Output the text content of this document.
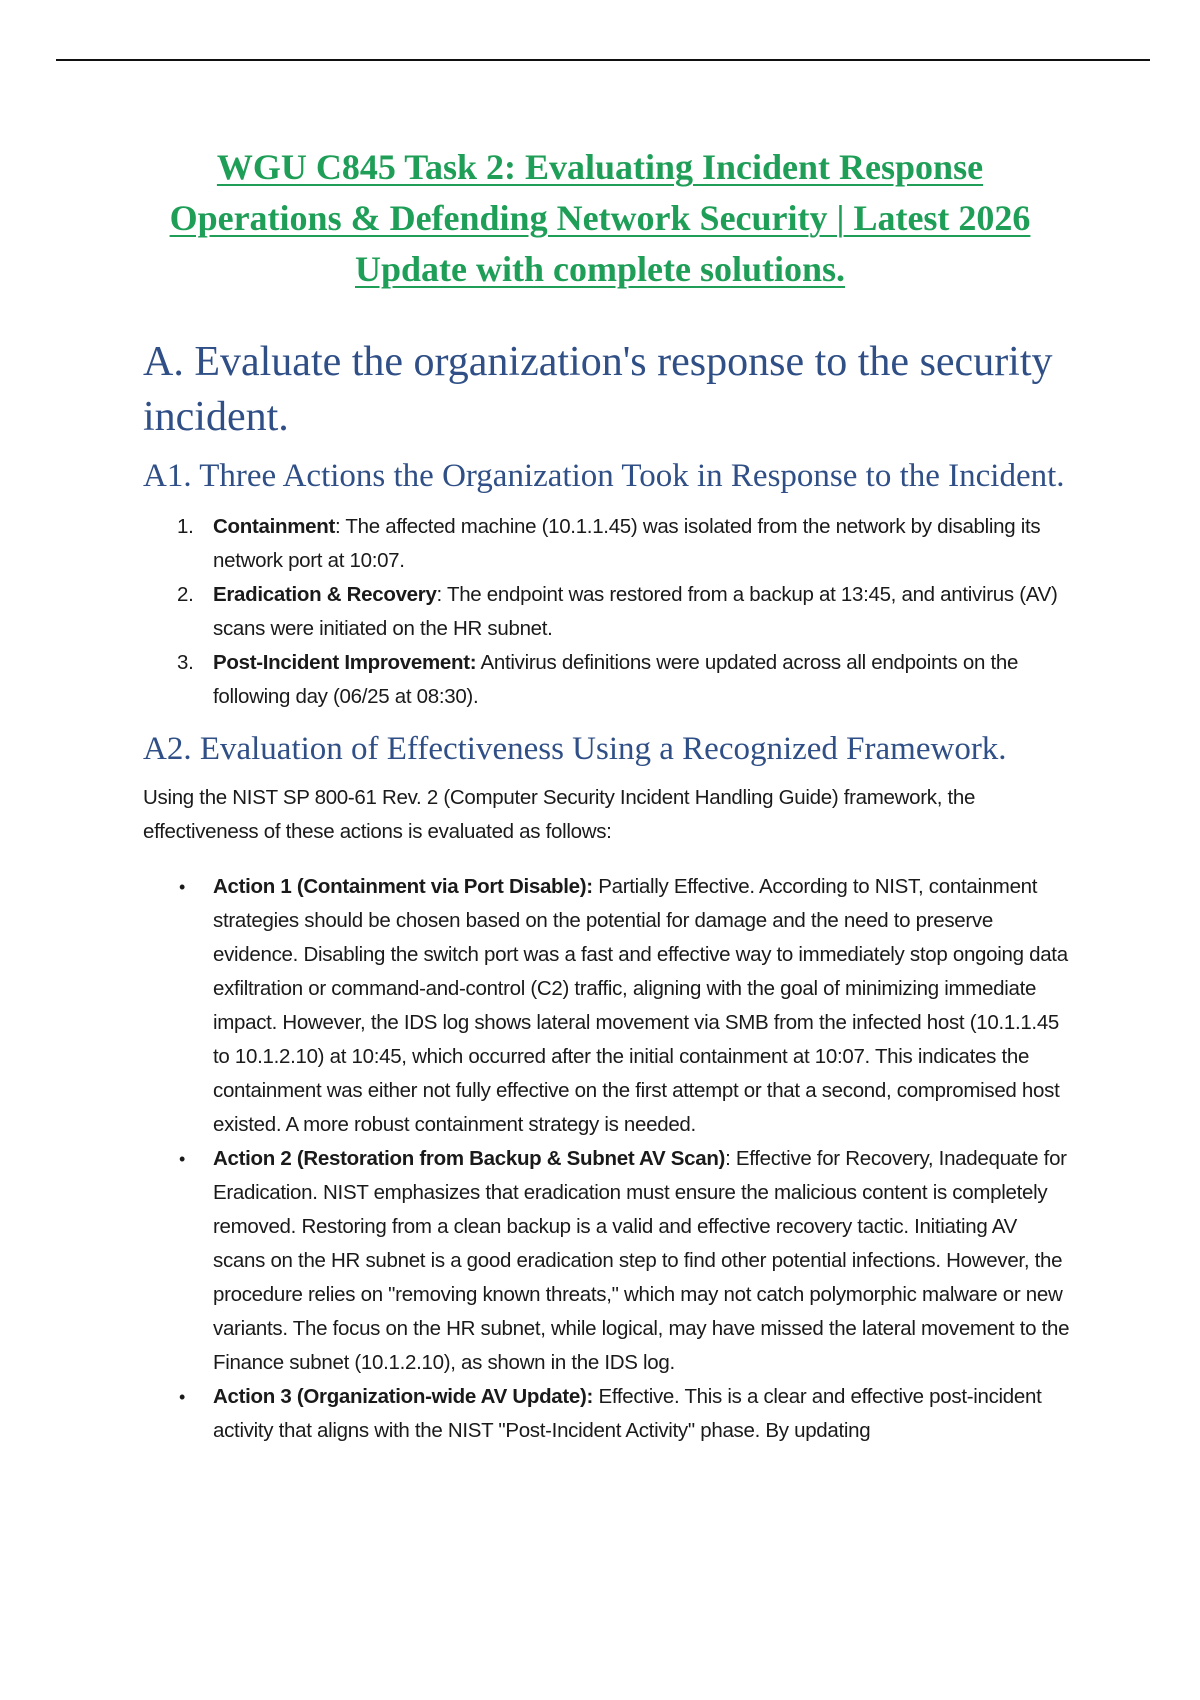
WGU C845 Task 2: Evaluating Incident Response
Operations & Defending Network Security | Latest 2026
Update with complete solutions.
A. Evaluate the organization's response to the security incident.
A1. Three Actions the Organization Took in Response to the Incident.
1. Containment: The affected machine (10.1.1.45) was isolated from the network by disabling its network port at 10:07.
2. Eradication & Recovery: The endpoint was restored from a backup at 13:45, and antivirus (AV) scans were initiated on the HR subnet.
3. Post-Incident Improvement: Antivirus definitions were updated across all endpoints on the following day (06/25 at 08:30).
A2. Evaluation of Effectiveness Using a Recognized Framework.

Using the NIST SP 800-61 Rev. 2 (Computer Security Incident Handling Guide) framework, the effectiveness of these actions is evaluated as follows:

• Action 1 (Containment via Port Disable): Partially Effective. According to NIST, containment strategies should be chosen based on the potential for damage and the need to preserve evidence. Disabling the switch port was a fast and effective way to immediately stop ongoing data exfiltration or command-and-control (C2) traffic, aligning with the goal of minimizing immediate impact. However, the IDS log shows lateral movement via SMB from the infected host (10.1.1.45 to 10.1.2.10) at 10:45, which occurred after the initial containment at 10:07. This indicates the containment was either not fully effective on the first attempt or that a second, compromised host existed. A more robust containment strategy is needed.
• Action 2 (Restoration from Backup & Subnet AV Scan): Effective for Recovery, Inadequate for Eradication. NIST emphasizes that eradication must ensure the malicious content is completely removed. Restoring from a clean backup is a valid and effective recovery tactic. Initiating AV scans on the HR subnet is a good eradication step to find other potential infections. However, the procedure relies on "removing known threats," which may not catch polymorphic malware or new variants. The focus on the HR subnet, while logical, may have missed the lateral movement to the Finance subnet (10.1.2.10), as shown in the IDS log.
• Action 3 (Organization-wide AV Update): Effective. This is a clear and effective post-incident activity that aligns with the NIST "Post-Incident Activity" phase. By updating
